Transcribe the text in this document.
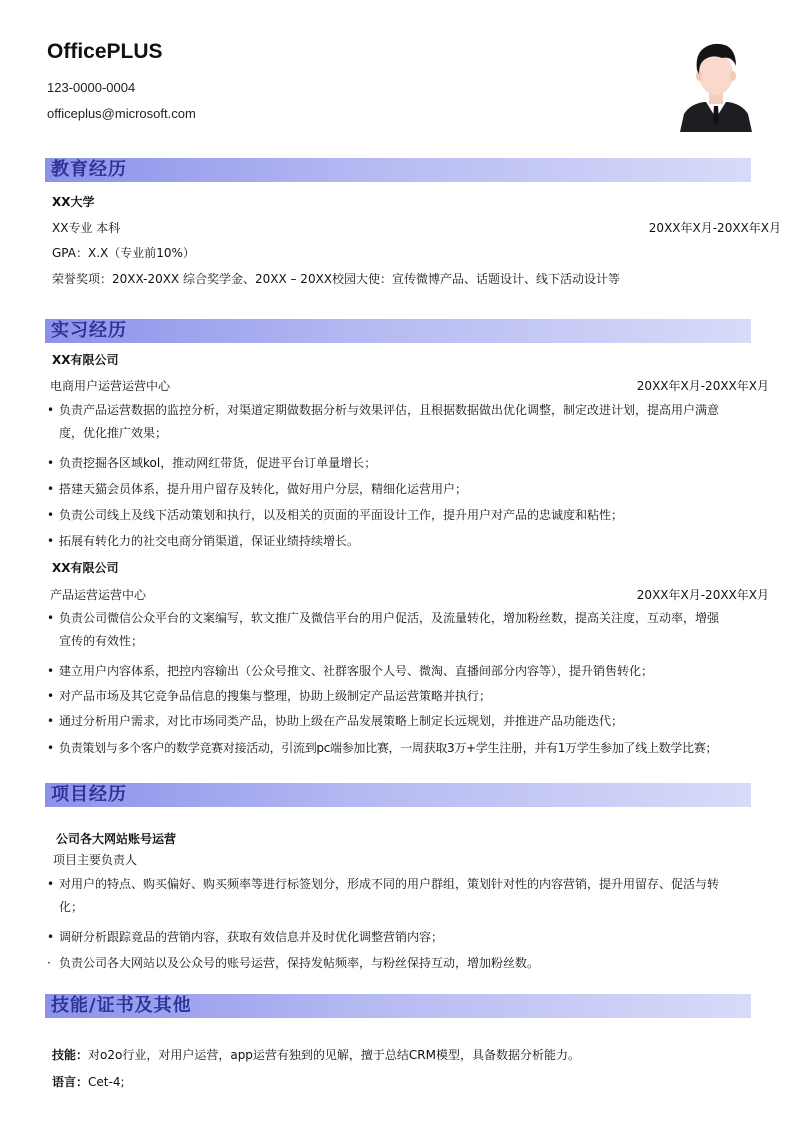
OfficePLUS
123-0000-0004
officeplus@microsoft.com
教育经历
XX大学
XX专业 本科	20XX年X月-20XX年X月
GPA：X.X（专业前10%）
荣誉奖项：20XX-20XX 综合奖学金、20XX – 20XX校园大使：宣传微博产品、话题设计、线下活动设计等
实习经历
XX有限公司
电商用户运营运营中心	20XX年X月-20XX年X月
• 负责产品运营数据的监控分析，对渠道定期做数据分析与效果评估，且根据数据做出优化调整，制定改进计划，提高用户满意
度，优化推广效果；
• 负责挖掘各区域kol，推动网红带货，促进平台订单量增长；
• 搭建天猫会员体系，提升用户留存及转化，做好用户分层，精细化运营用户；
• 负责公司线上及线下活动策划和执行，以及相关的页面的平面设计工作，提升用户对产品的忠诚度和粘性；
• 拓展有转化力的社交电商分销渠道，保证业绩持续增长。
XX有限公司
产品运营运营中心	20XX年X月-20XX年X月
• 负责公司微信公众平台的文案编写，软文推广及微信平台的用户促活，及流量转化，增加粉丝数，提高关注度，互动率，增强
宣传的有效性；
• 建立用户内容体系，把控内容输出（公众号推文、社群客服个人号、微淘、直播间部分内容等），提升销售转化；
• 对产品市场及其它竞争品信息的搜集与整理，协助上级制定产品运营策略并执行；
• 通过分析用户需求，对比市场同类产品，协助上级在产品发展策略上制定长远规划，并推进产品功能迭代；
• 负责策划与多个客户的数学竞赛对接活动，引流到pc端参加比赛，一周获取3万+学生注册，并有1万学生参加了线上数学比赛；
项目经历
公司各大网站账号运营
项目主要负责人
• 对用户的特点、购买偏好、购买频率等进行标签划分，形成不同的用户群组，策划针对性的内容营销，提升用留存、促活与转
化；
• 调研分析跟踪竟品的营销内容，获取有效信息并及时优化调整营销内容；
· 负责公司各大网站以及公众号的账号运营，保持发帖频率，与粉丝保持互动，增加粉丝数。
技能/证书及其他
技能：对o2o行业，对用户运营，app运营有独到的见解，擅于总结CRM模型，具备数据分析能力。
语言：Cet-4;
